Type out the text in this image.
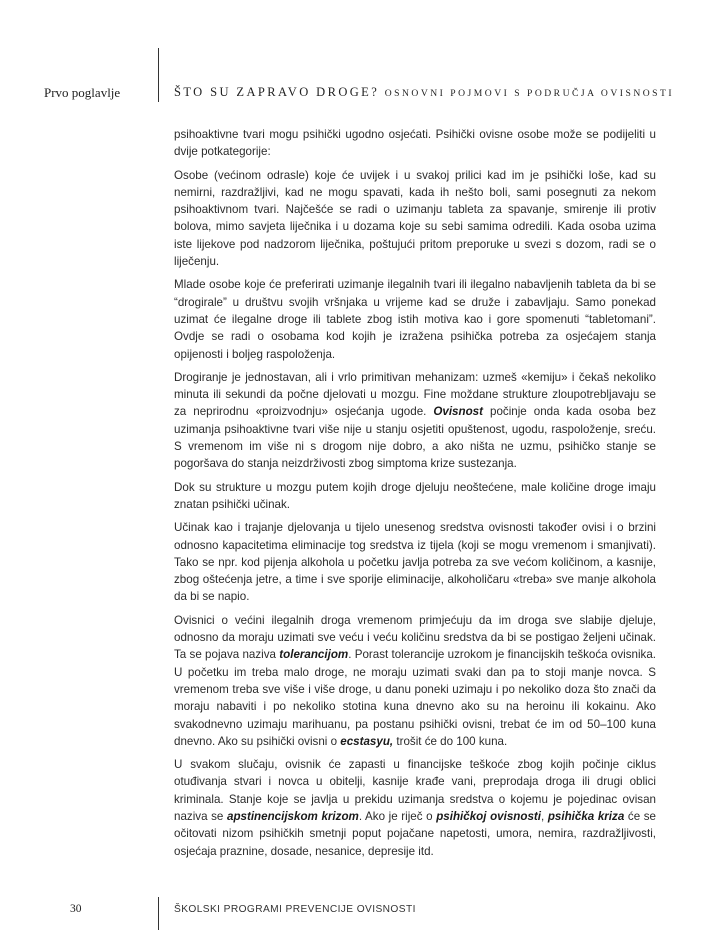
Prvo poglavlje	ŠTO SU ZAPRAVO DROGE? OSNOVNI POJMOVI S PODRUČJA OVISNOSTI

psihoaktivne tvari mogu psihički ugodno osjećati. Psihički ovisne osobe može se podijeliti u dvije potkategorije:

Osobe (većinom odrasle) koje će uvijek i u svakoj prilici kad im je psihički loše, kad su nemirni, razdražljivi, kad ne mogu spavati, kada ih nešto boli, sami posegnuti za nekom psihoaktivnom tvari. Najčešće se radi o uzimanju tableta za spavanje, smirenje ili protiv bolova, mimo savjeta liječnika i u dozama koje su sebi samima odredili. Kada osoba uzima iste lijekove pod nadzorom liječnika, poštujući pritom preporuke u svezi s dozom, radi se o liječenju.

Mlade osobe koje će preferirati uzimanje ilegalnih tvari ili ilegalno nabavljenih tableta da bi se “drogirale” u društvu svojih vršnjaka u vrijeme kad se druže i zabavljaju. Samo ponekad uzimat će ilegalne droge ili tablete zbog istih motiva kao i gore spomenuti “tabletomani”. Ovdje se radi o osobama kod kojih je izražena psihička potreba za osjećajem stanja opijenosti i boljeg raspoloženja.

Drogiranje je jednostavan, ali i vrlo primitivan mehanizam: uzmeš «kemiju» i čekaš nekoliko minuta ili sekundi da počne djelovati u mozgu. Fine moždane strukture zloupotrebljavaju se za neprirodnu «proizvodnju» osjećanja ugode. Ovisnost počinje onda kada osoba bez uzimanja psihoaktivne tvari više nije u stanju osjetiti opuštenost, ugodu, raspoloženje, sreću. S vremenom im više ni s drogom nije dobro, a ako ništa ne uzmu, psihičko stanje se pogoršava do stanja neizdrživosti zbog simptoma krize sustezanja.

Dok su strukture u mozgu putem kojih droge djeluju neoštećene, male količine droge imaju znatan psihički učinak.

Učinak kao i trajanje djelovanja u tijelo unesenog sredstva ovisnosti također ovisi i o brzini odnosno kapacitetima eliminacije tog sredstva iz tijela (koji se mogu vremenom i smanjivati). Tako se npr. kod pijenja alkohola u početku javlja potreba za sve većom količinom, a kasnije, zbog oštećenja jetre, a time i sve sporije eliminacije, alkoholičaru «treba» sve manje alkohola da bi se napio.

Ovisnici o većini ilegalnih droga vremenom primjećuju da im droga sve slabije djeluje, odnosno da moraju uzimati sve veću i veću količinu sredstva da bi se postigao željeni učinak. Ta se pojava naziva tolerancijom. Porast tolerancije uzrokom je financijskih teškoća ovisnika. U početku im treba malo droge, ne moraju uzimati svaki dan pa to stoji manje novca. S vremenom treba sve više i više droge, u danu poneki uzimaju i po nekoliko doza što znači da moraju nabaviti i po nekoliko stotina kuna dnevno ako su na heroinu ili kokainu. Ako svakodnevno uzimaju marihuanu, pa postanu psihički ovisni, trebat će im od 50–100 kuna dnevno. Ako su psihički ovisni o ecstasyu, trošit će do 100 kuna.

U svakom slučaju, ovisnik će zapasti u financijske teškoće zbog kojih počinje ciklus otuđivanja stvari i novca u obitelji, kasnije krađe vani, preprodaja droga ili drugi oblici kriminala. Stanje koje se javlja u prekidu uzimanja sredstva o kojemu je pojedinac ovisan naziva se apstinencijskom krizom. Ako je riječ o psihičkoj ovisnosti, psihička kriza će se očitovati nizom psihičkih smetnji poput pojačane napetosti, umora, nemira, razdražljivosti, osjećaja praznine, dosade, nesanice, depresije itd.

30	ŠKOLSKI PROGRAMI PREVENCIJE OVISNOSTI
